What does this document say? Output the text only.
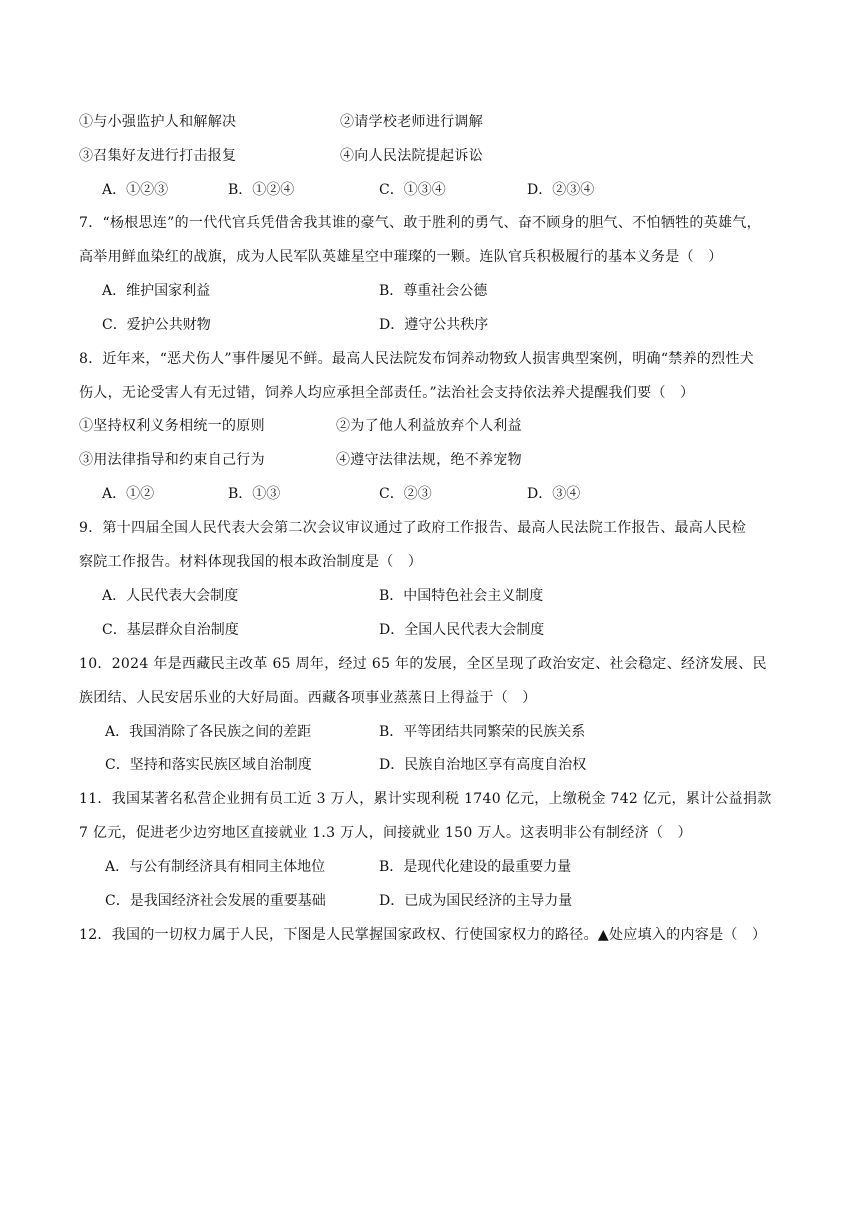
①与小强监护人和解解决	②请学校老师进行调解
③召集好友进行打击报复	④向人民法院提起诉讼
A．①②③	B．①②④	C．①③④	D．②③④
7．“杨根思连”的一代代官兵凭借舍我其谁的豪气、敢于胜利的勇气、奋不顾身的胆气、不怕牺牲的英雄气，
高举用鲜血染红的战旗，成为人民军队英雄星空中璀璨的一颗。连队官兵积极履行的基本义务是（　）
A．维护国家利益	B．尊重社会公德
C．爱护公共财物	D．遵守公共秩序
8．近年来，“恶犬伤人”事件屡见不鲜。最高人民法院发布饲养动物致人损害典型案例，明确“禁养的烈性犬
伤人，无论受害人有无过错，饲养人均应承担全部责任。”法治社会支持依法养犬提醒我们要（　）
①坚持权利义务相统一的原则	②为了他人利益放弃个人利益
③用法律指导和约束自己行为	④遵守法律法规，绝不养宠物
A．①②	B．①③	C．②③	D．③④
9．第十四届全国人民代表大会第二次会议审议通过了政府工作报告、最高人民法院工作报告、最高人民检
察院工作报告。材料体现我国的根本政治制度是（　）
A．人民代表大会制度	B．中国特色社会主义制度
C．基层群众自治制度	D．全国人民代表大会制度
10．2024 年是西藏民主改革 65 周年，经过 65 年的发展，全区呈现了政治安定、社会稳定、经济发展、民
族团结、人民安居乐业的大好局面。西藏各项事业蒸蒸日上得益于（　）
A．我国消除了各民族之间的差距	B．平等团结共同繁荣的民族关系
C．坚持和落实民族区域自治制度	D．民族自治地区享有高度自治权
11．我国某著名私营企业拥有员工近 3 万人，累计实现利税 1740 亿元，上缴税金 742 亿元，累计公益捐款
7 亿元，促进老少边穷地区直接就业 1.3 万人，间接就业 150 万人。这表明非公有制经济（　）
A．与公有制经济具有相同主体地位	B．是现代化建设的最重要力量
C．是我国经济社会发展的重要基础	D．已成为国民经济的主导力量
12．我国的一切权力属于人民，下图是人民掌握国家政权、行使国家权力的路径。▲处应填入的内容是（　）
